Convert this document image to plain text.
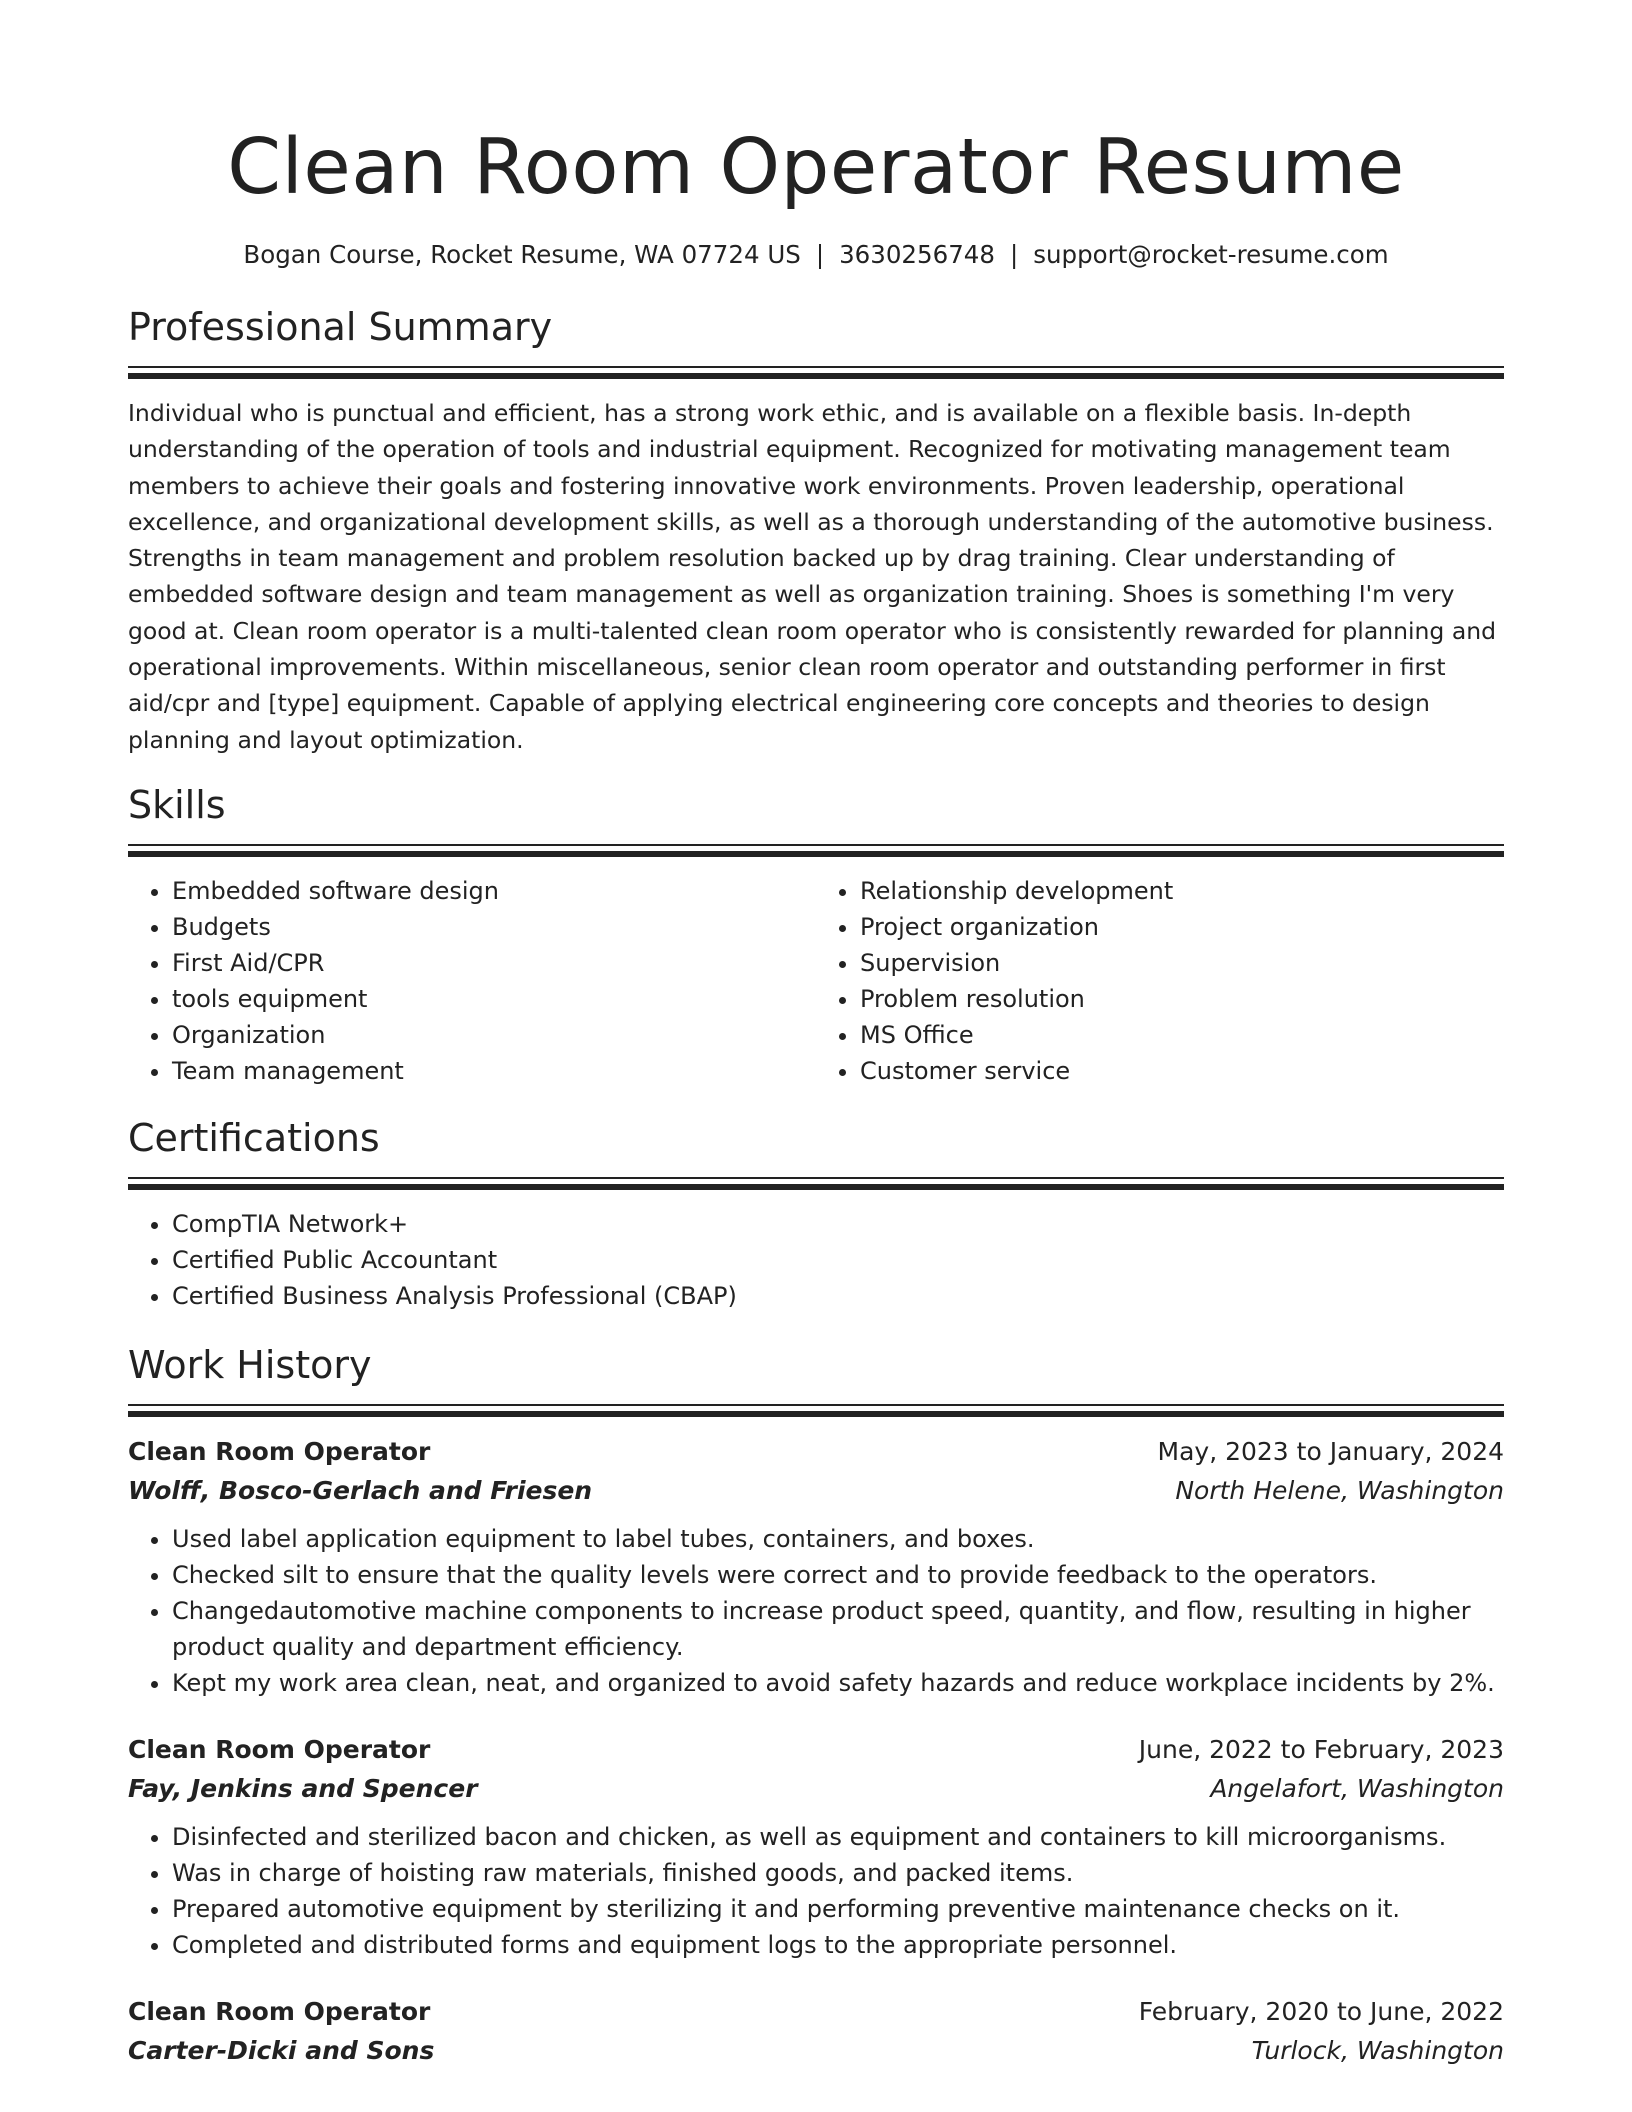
Clean Room Operator Resume
Bogan Course, Rocket Resume, WA 07724 US | 3630256748 | support@rocket-resume.com
Professional Summary

Individual who is punctual and efficient, has a strong work ethic, and is available on a flexible basis. In-depth understanding of the operation of tools and industrial equipment. Recognized for motivating management team members to achieve their goals and fostering innovative work environments. Proven leadership, operational excellence, and organizational development skills, as well as a thorough understanding of the automotive business. Strengths in team management and problem resolution backed up by drag training. Clear understanding of embedded software design and team management as well as organization training. Shoes is something I'm very good at. Clean room operator is a multi-talented clean room operator who is consistently rewarded for planning and operational improvements. Within miscellaneous, senior clean room operator and outstanding performer in first aid/cpr and [type] equipment. Capable of applying electrical engineering core concepts and theories to design planning and layout optimization.

Skills
• Embedded software design
• Budgets
• First Aid/CPR
• tools equipment
• Organization
• Team management
• Relationship development
• Project organization
• Supervision
• Problem resolution
• MS Office
• Customer service
Certifications
• CompTIA Network+
• Certified Public Accountant
• Certified Business Analysis Professional (CBAP)
Work History
Clean Room Operator	May, 2023 to January, 2024
Wolff, Bosco-Gerlach and Friesen	North Helene, Washington
• Used label application equipment to label tubes, containers, and boxes.
• Checked silt to ensure that the quality levels were correct and to provide feedback to the operators.
• Changedautomotive machine components to increase product speed, quantity, and flow, resulting in higher product quality and department efficiency.
• Kept my work area clean, neat, and organized to avoid safety hazards and reduce workplace incidents by 2%.
Clean Room Operator	June, 2022 to February, 2023
Fay, Jenkins and Spencer	Angelafort, Washington
• Disinfected and sterilized bacon and chicken, as well as equipment and containers to kill microorganisms.
• Was in charge of hoisting raw materials, finished goods, and packed items.
• Prepared automotive equipment by sterilizing it and performing preventive maintenance checks on it.
• Completed and distributed forms and equipment logs to the appropriate personnel.
Clean Room Operator	February, 2020 to June, 2022
Carter-Dicki and Sons	Turlock, Washington
